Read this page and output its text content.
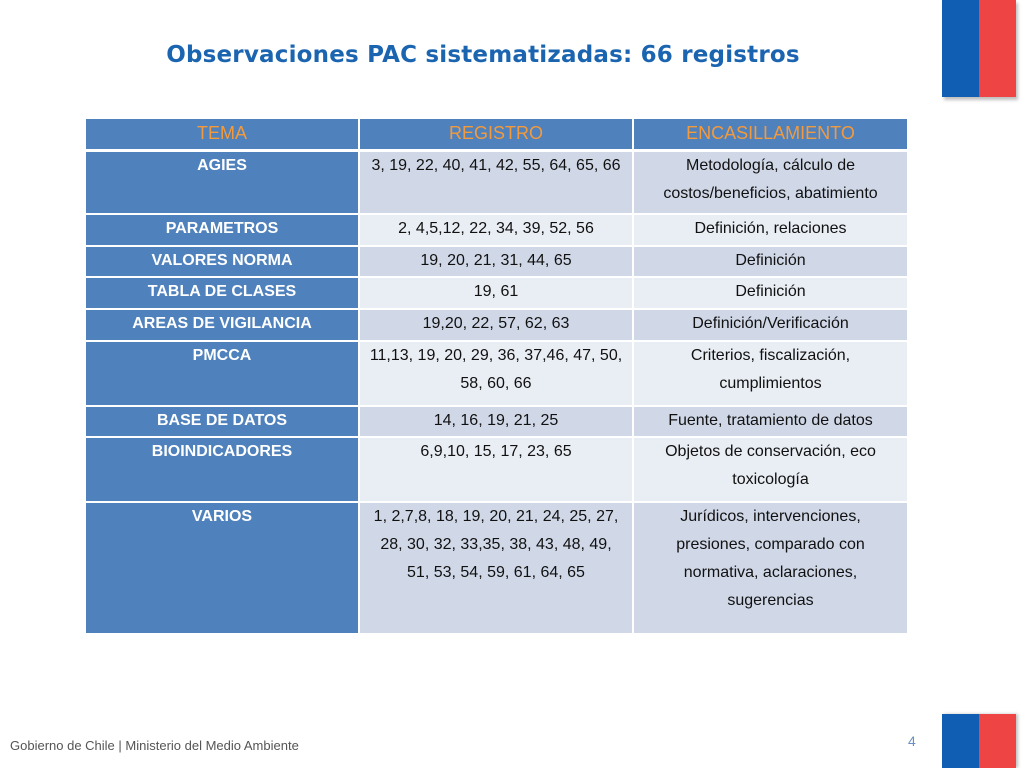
Observaciones PAC sistematizadas: 66 registros
TEMA	REGISTRO	ENCASILLAMIENTO
AGIES	3, 19, 22, 40, 41, 42, 55, 64, 65, 66	Metodología, cálculo de costos/beneficios, abatimiento
PARAMETROS	2, 4,5,12, 22, 34, 39, 52, 56	Definición, relaciones
VALORES NORMA	19, 20, 21, 31, 44, 65	Definición
TABLA DE CLASES	19, 61	Definición
AREAS DE VIGILANCIA	19,20, 22, 57, 62, 63	Definición/Verificación
PMCCA	11,13, 19, 20, 29, 36, 37,46, 47, 50, 58, 60, 66	Criterios, fiscalización, cumplimientos
BASE DE DATOS	14, 16, 19, 21, 25	Fuente, tratamiento de datos
BIOINDICADORES	6,9,10, 15, 17, 23, 65	Objetos de conservación, eco toxicología
VARIOS	1, 2,7,8, 18, 19, 20, 21, 24, 25, 27, 28, 30, 32, 33,35, 38, 43, 48, 49, 51, 53, 54, 59, 61, 64, 65	Jurídicos, intervenciones, presiones, comparado con normativa, aclaraciones, sugerencias
Gobierno de Chile | Ministerio del Medio Ambiente	4
